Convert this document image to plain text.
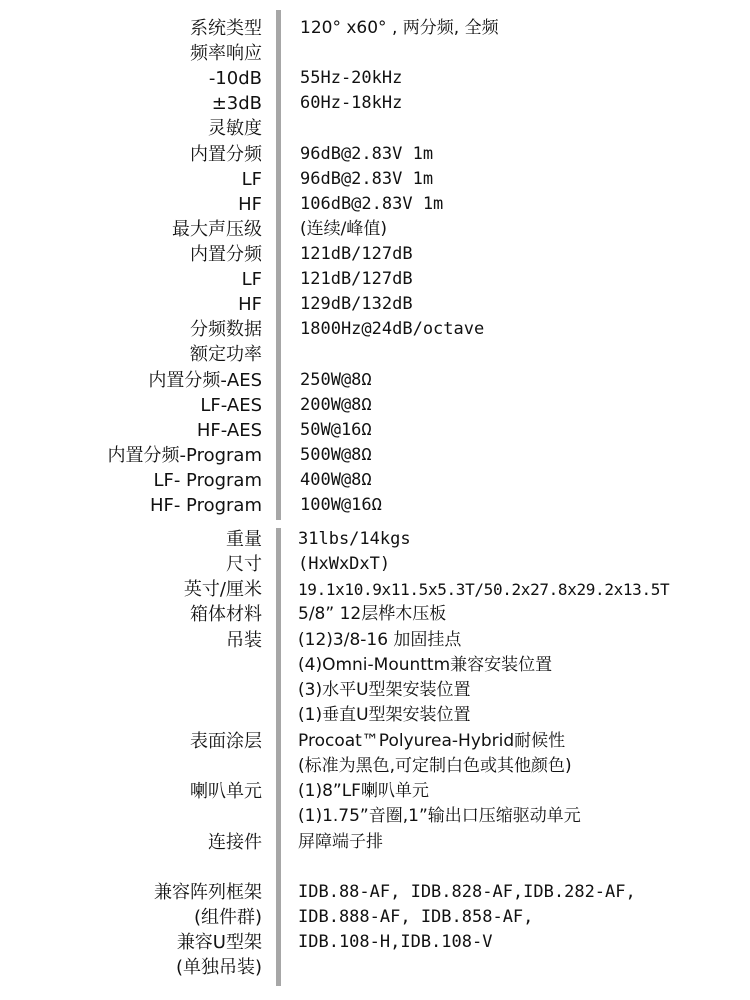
系统类型 120° x60° , 两分频, 全频
频率响应
-10dB 55Hz-20kHz
±3dB 60Hz-18kHz
灵敏度
内置分频 96dB@2.83V 1m
LF 96dB@2.83V 1m
HF 106dB@2.83V 1m
最大声压级 (连续/峰值)
内置分频 121dB/127dB
LF 121dB/127dB
HF 129dB/132dB
分频数据 1800Hz@24dB/octave
额定功率
内置分频-AES 250W@8Ω
LF-AES 200W@8Ω
HF-AES 50W@16Ω
内置分频-Program 500W@8Ω
LF- Program 400W@8Ω
HF- Program 100W@16Ω
重量 31lbs/14kgs
尺寸 (HxWxDxT)
英寸/厘米 19.1x10.9x11.5x5.3T/50.2x27.8x29.2x13.5T
箱体材料 5/8” 12层桦木压板
吊装 (12)3/8-16 加固挂点
(4)Omni-Mounttm兼容安装位置
(3)水平U型架安装位置
(1)垂直U型架安装位置
表面涂层 Procoat™Polyurea-Hybrid耐候性
(标准为黑色,可定制白色或其他颜色)
喇叭单元 (1)8”LF喇叭单元
(1)1.75”音圈,1”输出口压缩驱动单元
连接件 屏障端子排
兼容阵列框架 IDB.88-AF, IDB.828-AF,IDB.282-AF,
(组件群) IDB.888-AF, IDB.858-AF,
兼容U型架 IDB.108-H,IDB.108-V
(单独吊装)
